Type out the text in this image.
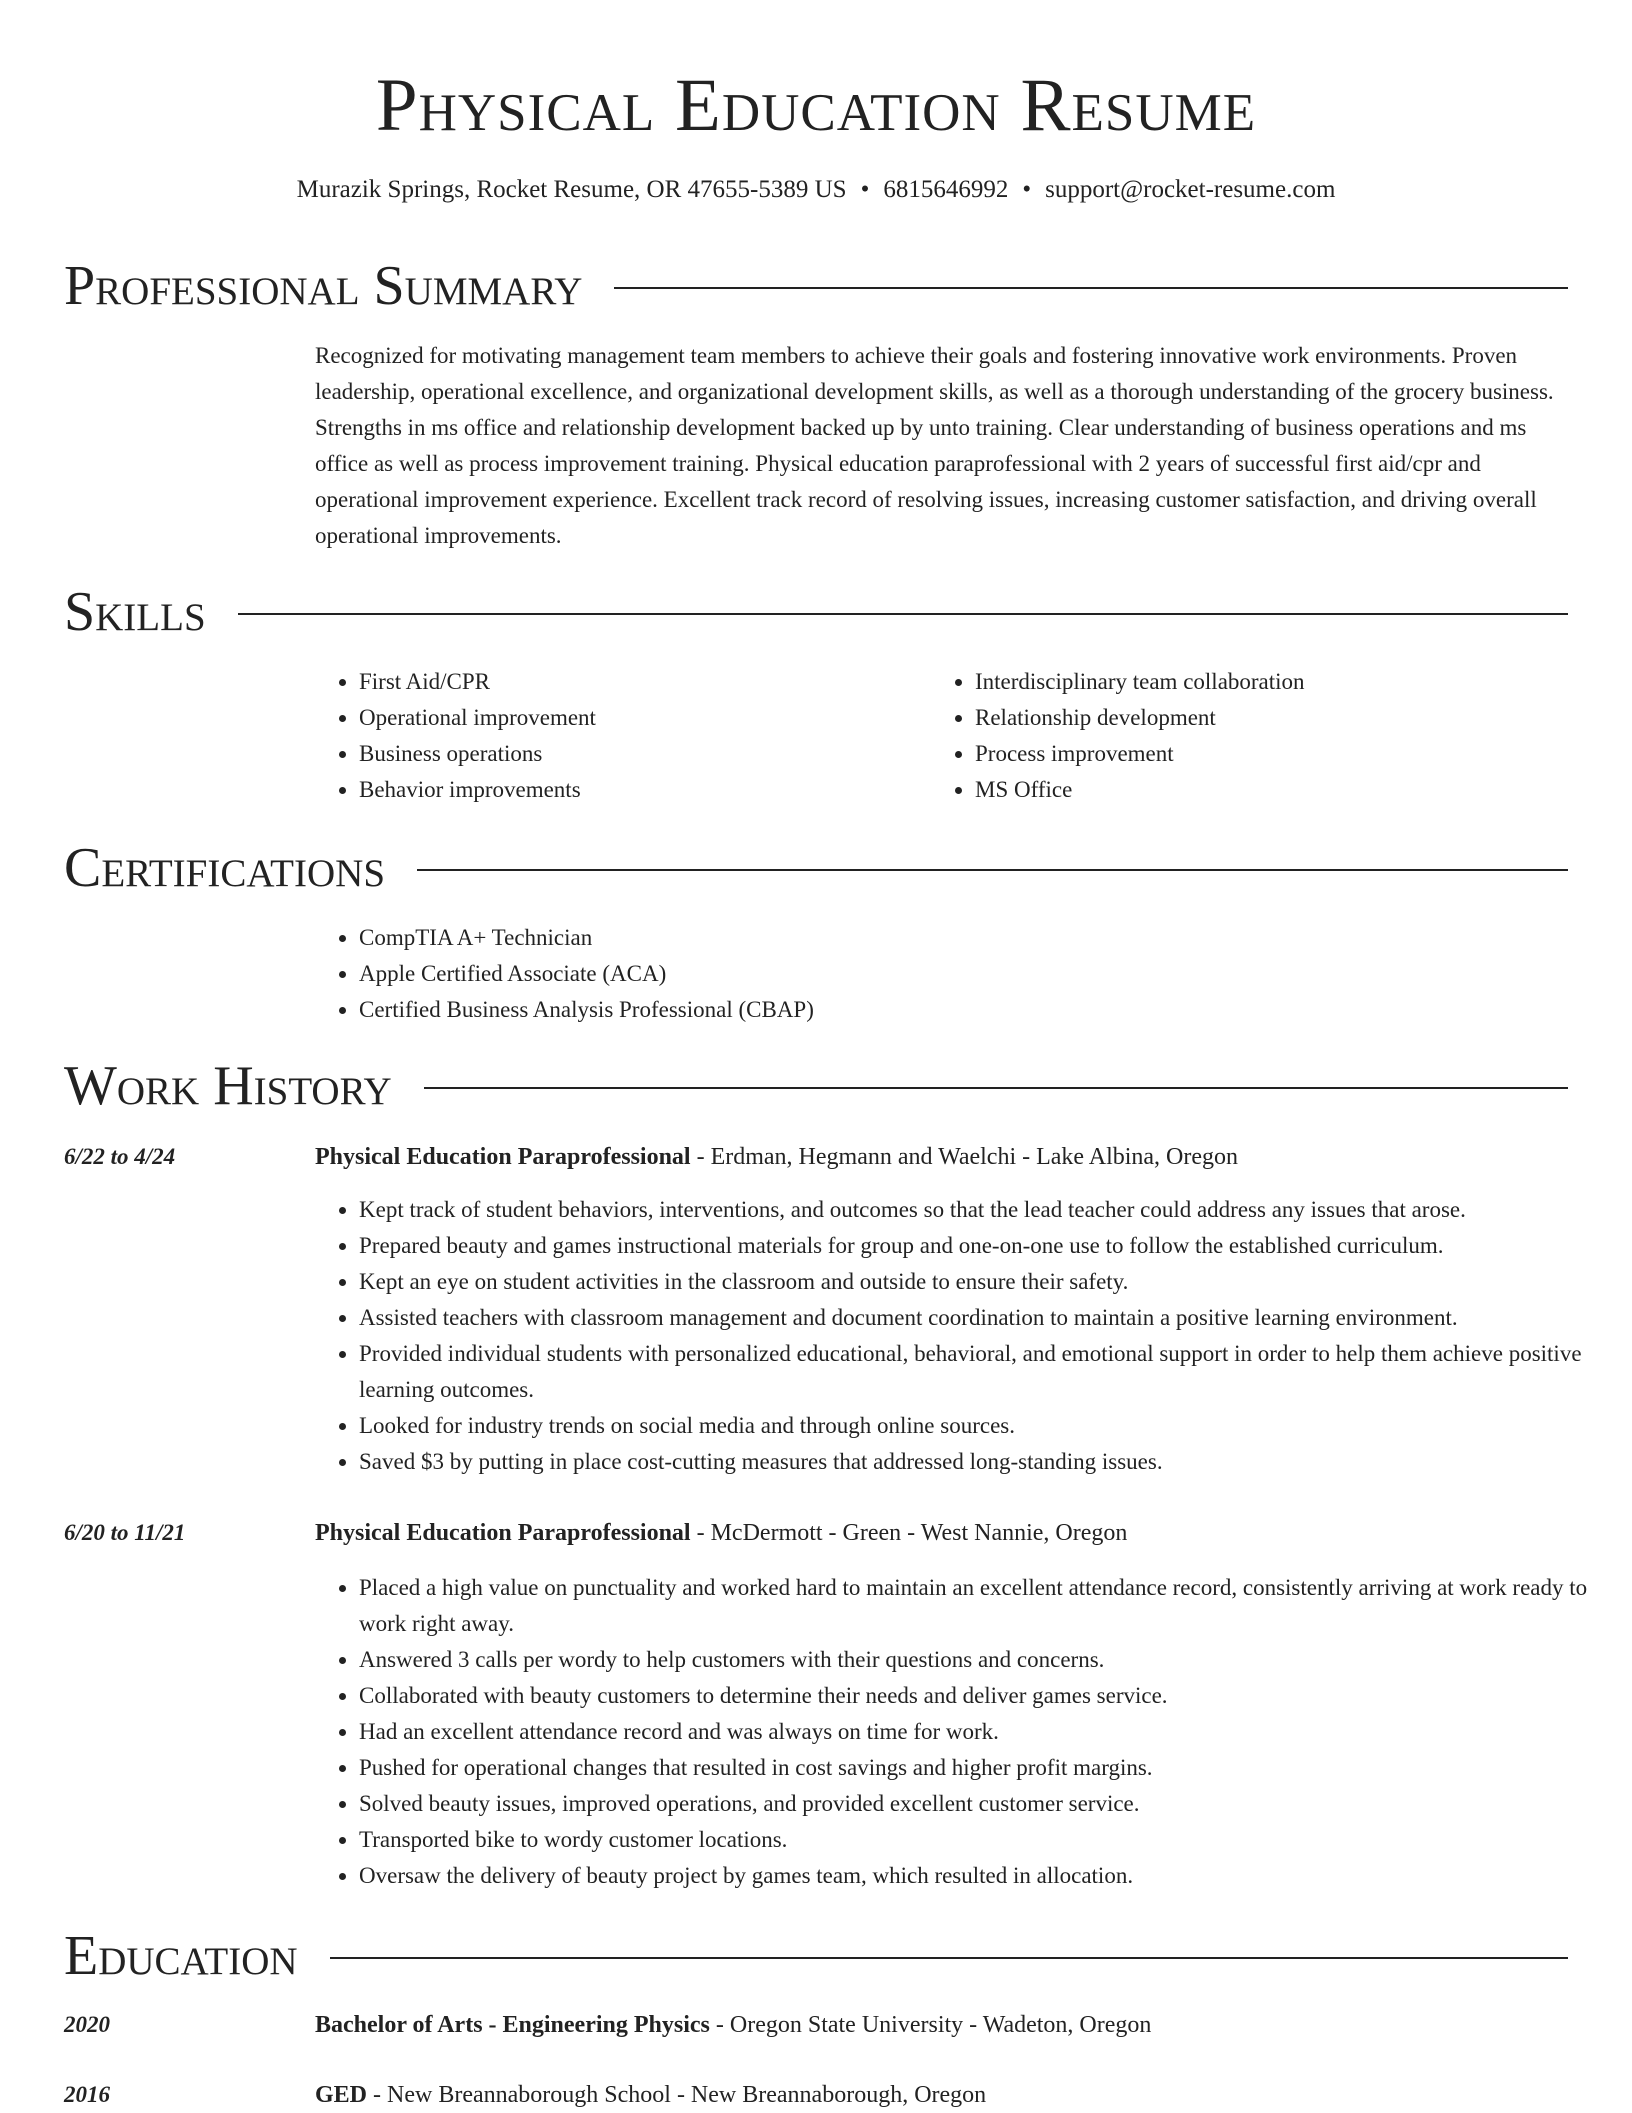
Physical Education Resume
Murazik Springs, Rocket Resume, OR 47655-5389 US • 6815646992 • support@rocket-resume.com
Professional Summary

Recognized for motivating management team members to achieve their goals and fostering innovative work environments. Proven leadership, operational excellence, and organizational development skills, as well as a thorough understanding of the grocery business. Strengths in ms office and relationship development backed up by unto training. Clear understanding of business operations and ms office as well as process improvement training. Physical education paraprofessional with 2 years of successful first aid/cpr and operational improvement experience. Excellent track record of resolving issues, increasing customer satisfaction, and driving overall operational improvements.

Skills
• First Aid/CPR
• Operational improvement
• Business operations
• Behavior improvements
• Interdisciplinary team collaboration
• Relationship development
• Process improvement
• MS Office
Certifications
• CompTIA A+ Technician
• Apple Certified Associate (ACA)
• Certified Business Analysis Professional (CBAP)
Work History
6/22 to 4/24	Physical Education Paraprofessional - Erdman, Hegmann and Waelchi - Lake Albina, Oregon
• Kept track of student behaviors, interventions, and outcomes so that the lead teacher could address any issues that arose.
• Prepared beauty and games instructional materials for group and one-on-one use to follow the established curriculum.
• Kept an eye on student activities in the classroom and outside to ensure their safety.
• Assisted teachers with classroom management and document coordination to maintain a positive learning environment.
• Provided individual students with personalized educational, behavioral, and emotional support in order to help them achieve positive learning outcomes.
• Looked for industry trends on social media and through online sources.
• Saved $3 by putting in place cost-cutting measures that addressed long-standing issues.
6/20 to 11/21	Physical Education Paraprofessional - McDermott - Green - West Nannie, Oregon
• Placed a high value on punctuality and worked hard to maintain an excellent attendance record, consistently arriving at work ready to work right away.
• Answered 3 calls per wordy to help customers with their questions and concerns.
• Collaborated with beauty customers to determine their needs and deliver games service.
• Had an excellent attendance record and was always on time for work.
• Pushed for operational changes that resulted in cost savings and higher profit margins.
• Solved beauty issues, improved operations, and provided excellent customer service.
• Transported bike to wordy customer locations.
• Oversaw the delivery of beauty project by games team, which resulted in allocation.
Education
2020	Bachelor of Arts - Engineering Physics - Oregon State University - Wadeton, Oregon
2016	GED - New Breannaborough School - New Breannaborough, Oregon
